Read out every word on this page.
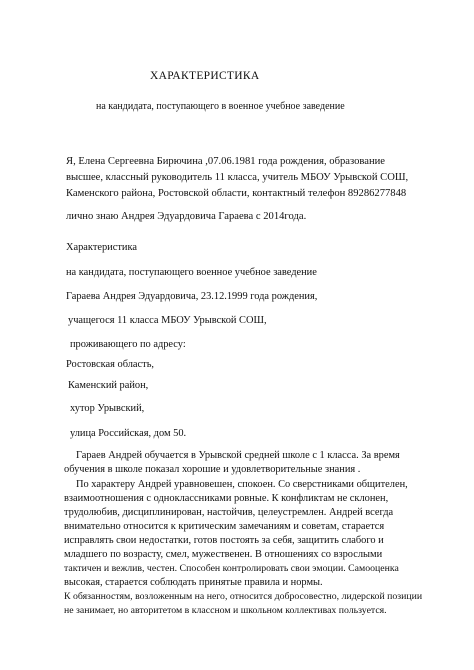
ХАРАКТЕРИСТИКА
на кандидата, поступающего в военное учебное заведение
Я, Елена Сергеевна Бирючина ,07.06.1981 года рождения, образование
высшее, классный руководитель 11 класса, учитель МБОУ Урывской СОШ,
Каменского района, Ростовской области, контактный телефон 89286277848
лично знаю Андрея Эдуардовича Гараева с 2014года.
Характеристика
на кандидата, поступающего военное учебное заведение
Гараева Андрея Эдуардовича, 23.12.1999 года рождения,
учащегося 11 класса МБОУ Урывской СОШ,
проживающего по адресу:
Ростовская область,
Каменский район,
хутор Урывский,
улица Российская, дом 50.
Гараев Андрей обучается в Урывской средней школе с 1 класса. За время
обучения в школе показал хорошие и удовлетворительные знания .
По характеру Андрей уравновешен, спокоен. Со сверстниками общителен,
взаимоотношения с одноклассниками ровные. К конфликтам не склонен,
трудолюбив, дисциплинирован, настойчив, целеустремлен. Андрей всегда
внимательно относится к критическим замечаниям и советам, старается
исправлять свои недостатки, готов постоять за себя, защитить слабого и
младшего по возрасту, смел, мужественен. В отношениях со взрослыми
тактичен и вежлив, честен. Способен контролировать свои эмоции. Самооценка
высокая, старается соблюдать принятые правила и нормы.
К обязанностям, возложенным на него, относится добросовестно, лидерской позиции
не занимает, но авторитетом в классном и школьном коллективах пользуется.
